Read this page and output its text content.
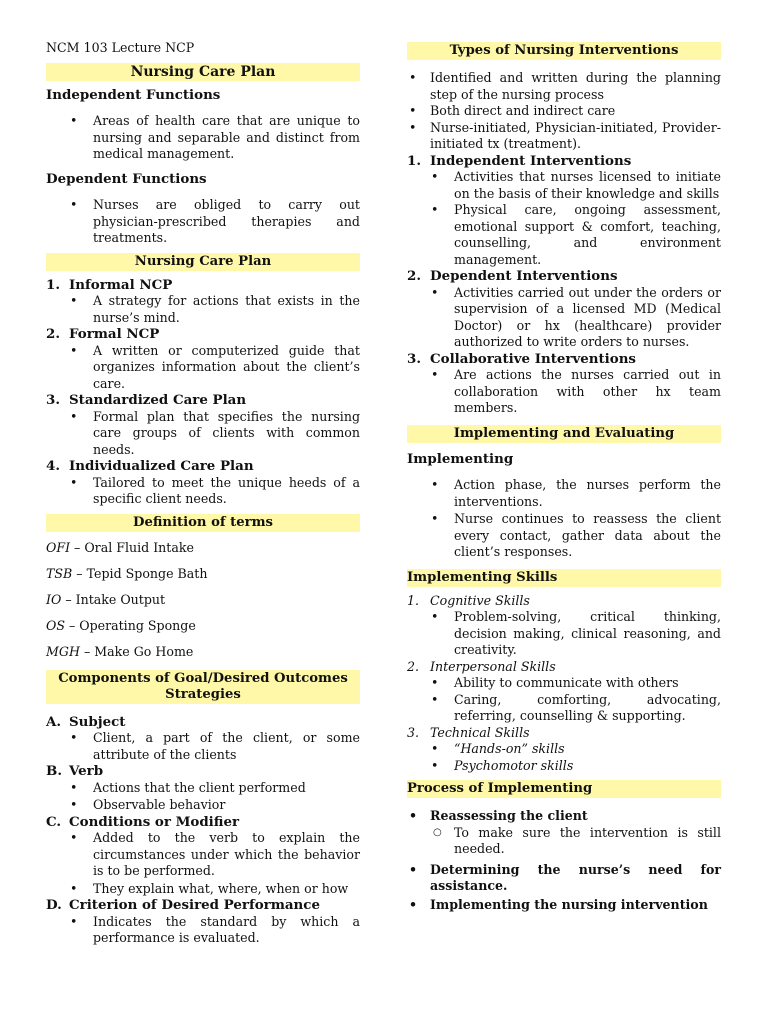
NCM 103 Lecture NCP
Nursing Care Plan
Independent Functions
• Areas of health care that are unique to nursing and separable and distinct from medical management.
Dependent Functions
• Nurses are obliged to carry out physician-prescribed therapies and treatments.
Nursing Care Plan
1. Informal NCP
• A strategy for actions that exists in the nurse’s mind.
2. Formal NCP
• A written or computerized guide that organizes information about the client’s care.
3. Standardized Care Plan
• Formal plan that specifies the nursing care groups of clients with common needs.
4. Individualized Care Plan
• Tailored to meet the unique heeds of a specific client needs.
Definition of terms
OFI – Oral Fluid Intake
TSB – Tepid Sponge Bath
IO – Intake Output
OS – Operating Sponge
MGH – Make Go Home
Components of Goal/Desired Outcomes
Strategies
A. Subject
• Client, a part of the client, or some attribute of the clients
B. Verb
• Actions that the client performed
• Observable behavior
C. Conditions or Modifier
• Added to the verb to explain the circumstances under which the behavior is to be performed.
• They explain what, where, when or how
D. Criterion of Desired Performance
• Indicates the standard by which a performance is evaluated.
Types of Nursing Interventions
• Identified and written during the planning step of the nursing process
• Both direct and indirect care
• Nurse-initiated, Physician-initiated, Provider-initiated tx (treatment).
1. Independent Interventions
• Activities that nurses licensed to initiate on the basis of their knowledge and skills
• Physical care, ongoing assessment, emotional support & comfort, teaching, counselling, and environment management.
2. Dependent Interventions
• Activities carried out under the orders or supervision of a licensed MD (Medical Doctor) or hx (healthcare) provider authorized to write orders to nurses.
3. Collaborative Interventions
• Are actions the nurses carried out in collaboration with other hx team members.
Implementing and Evaluating
Implementing
• Action phase, the nurses perform the interventions.
• Nurse continues to reassess the client every contact, gather data about the client’s responses.
Implementing Skills
1. Cognitive Skills
• Problem-solving, critical thinking, decision making, clinical reasoning, and creativity.
2. Interpersonal Skills
• Ability to communicate with others
• Caring, comforting, advocating, referring, counselling & supporting.
3. Technical Skills
• “Hands-on” skills
• Psychomotor skills
Process of Implementing
• Reassessing the client
○ To make sure the intervention is still needed.
• Determining the nurse’s need for assistance.
• Implementing the nursing intervention
